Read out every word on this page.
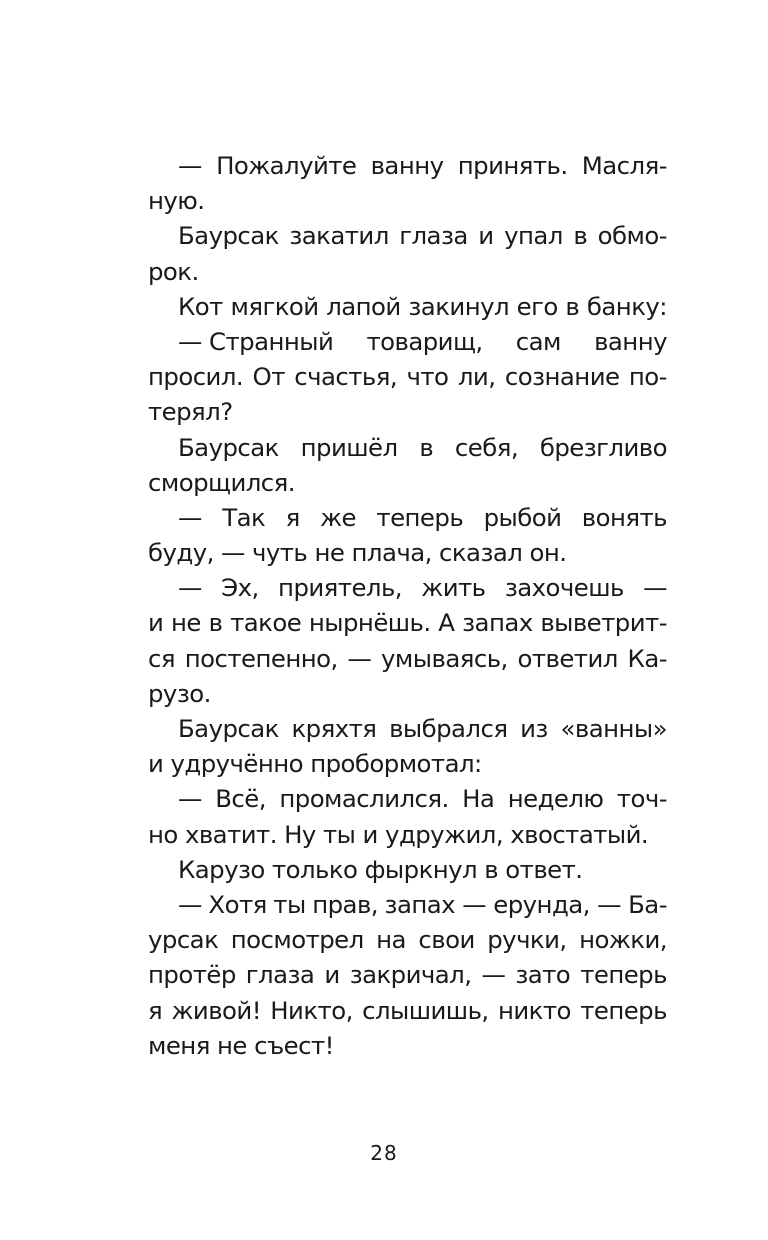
— Пожалуйте ванну принять. Масля-
ную.
Баурсак закатил глаза и упал в обмо-
рок.
Кот мягкой лапой закинул его в банку:
— Странный товарищ, сам ванну
просил. От счастья, что ли, сознание по-
терял?
Баурсак пришёл в себя, брезгливо
сморщился.
— Так я же теперь рыбой вонять
буду, — чуть не плача, сказал он.
— Эх, приятель, жить захочешь —
и не в такое нырнёшь. А запах выветрит-
ся постепенно, — умываясь, ответил Ка-
рузо.
Баурсак кряхтя выбрался из «ванны»
и удручённо пробормотал:
— Всё, промаслился. На неделю точ-
но хватит. Ну ты и удружил, хвостатый.
Карузо только фыркнул в ответ.
— Хотя ты прав, запах — ерунда, — Ба-
урсак посмотрел на свои ручки, ножки,
протёр глаза и закричал, — зато теперь
я живой! Никто, слышишь, никто теперь
меня не съест!
28
